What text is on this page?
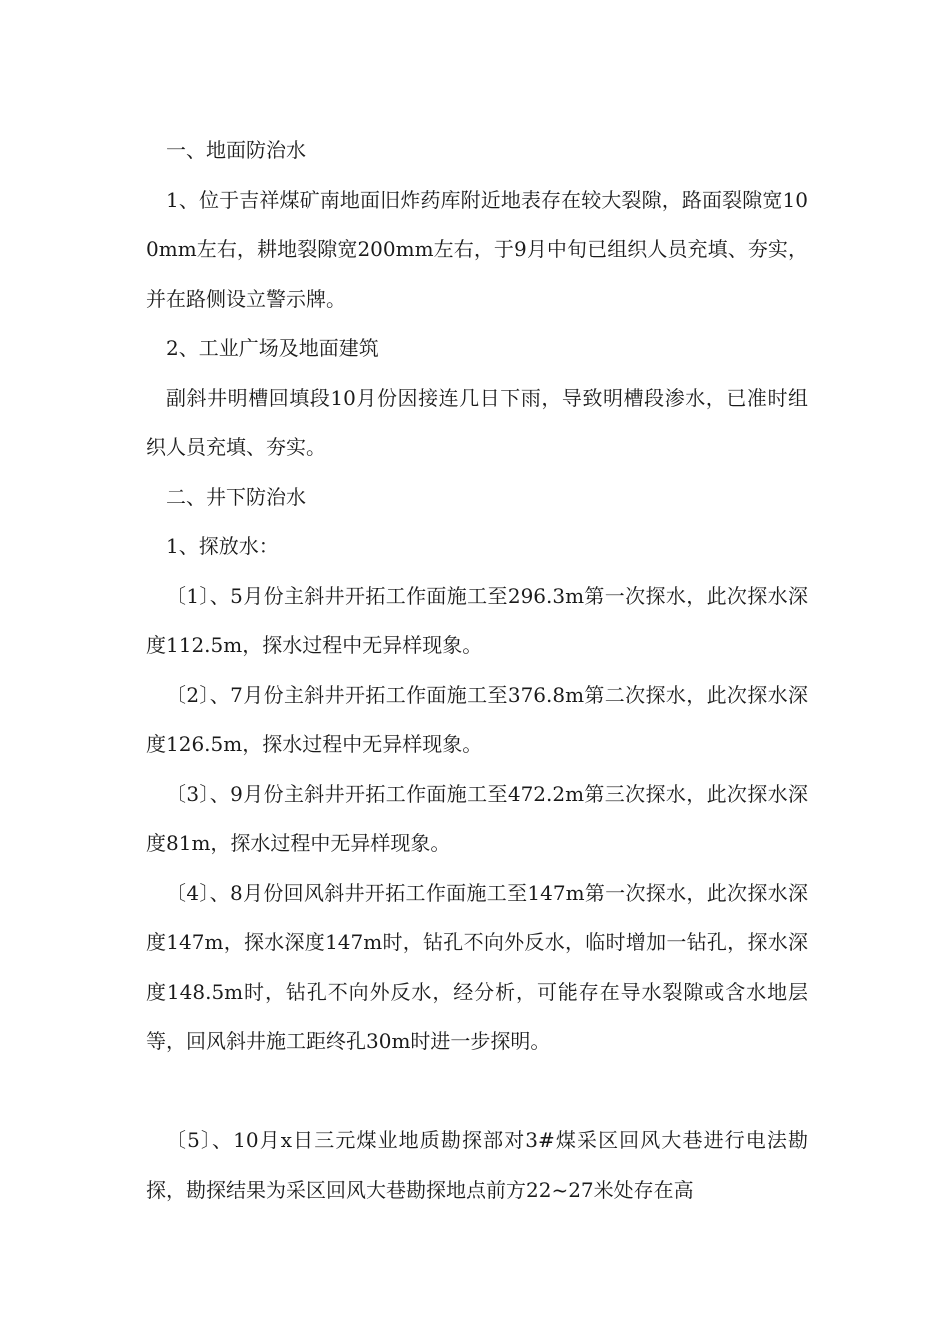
一、地面防治水

1、位于吉祥煤矿南地面旧炸药库附近地表存在较大裂隙，路面裂隙宽100mm左右，耕地裂隙宽200mm左右，于9月中旬已组织人员充填、夯实，并在路侧设立警示牌。

2、工业广场及地面建筑

副斜井明槽回填段10月份因接连几日下雨，导致明槽段渗水，已准时组织人员充填、夯实。

二、井下防治水

1、探放水：

〔1〕、5月份主斜井开拓工作面施工至296.3m第一次探水，此次探水深度112.5m，探水过程中无异样现象。

〔2〕、7月份主斜井开拓工作面施工至376.8m第二次探水，此次探水深度126.5m，探水过程中无异样现象。

〔3〕、9月份主斜井开拓工作面施工至472.2m第三次探水，此次探水深度81m，探水过程中无异样现象。

〔4〕、8月份回风斜井开拓工作面施工至147m第一次探水，此次探水深度147m，探水深度147m时，钻孔不向外反水，临时增加一钻孔，探水深度148.5m时，钻孔不向外反水，经分析，可能存在导水裂隙或含水地层等，回风斜井施工距终孔30m时进一步探明。

〔5〕、10月x日三元煤业地质勘探部对3#煤采区回风大巷进行电法勘探，勘探结果为采区回风大巷勘探地点前方22~27米处存在高
